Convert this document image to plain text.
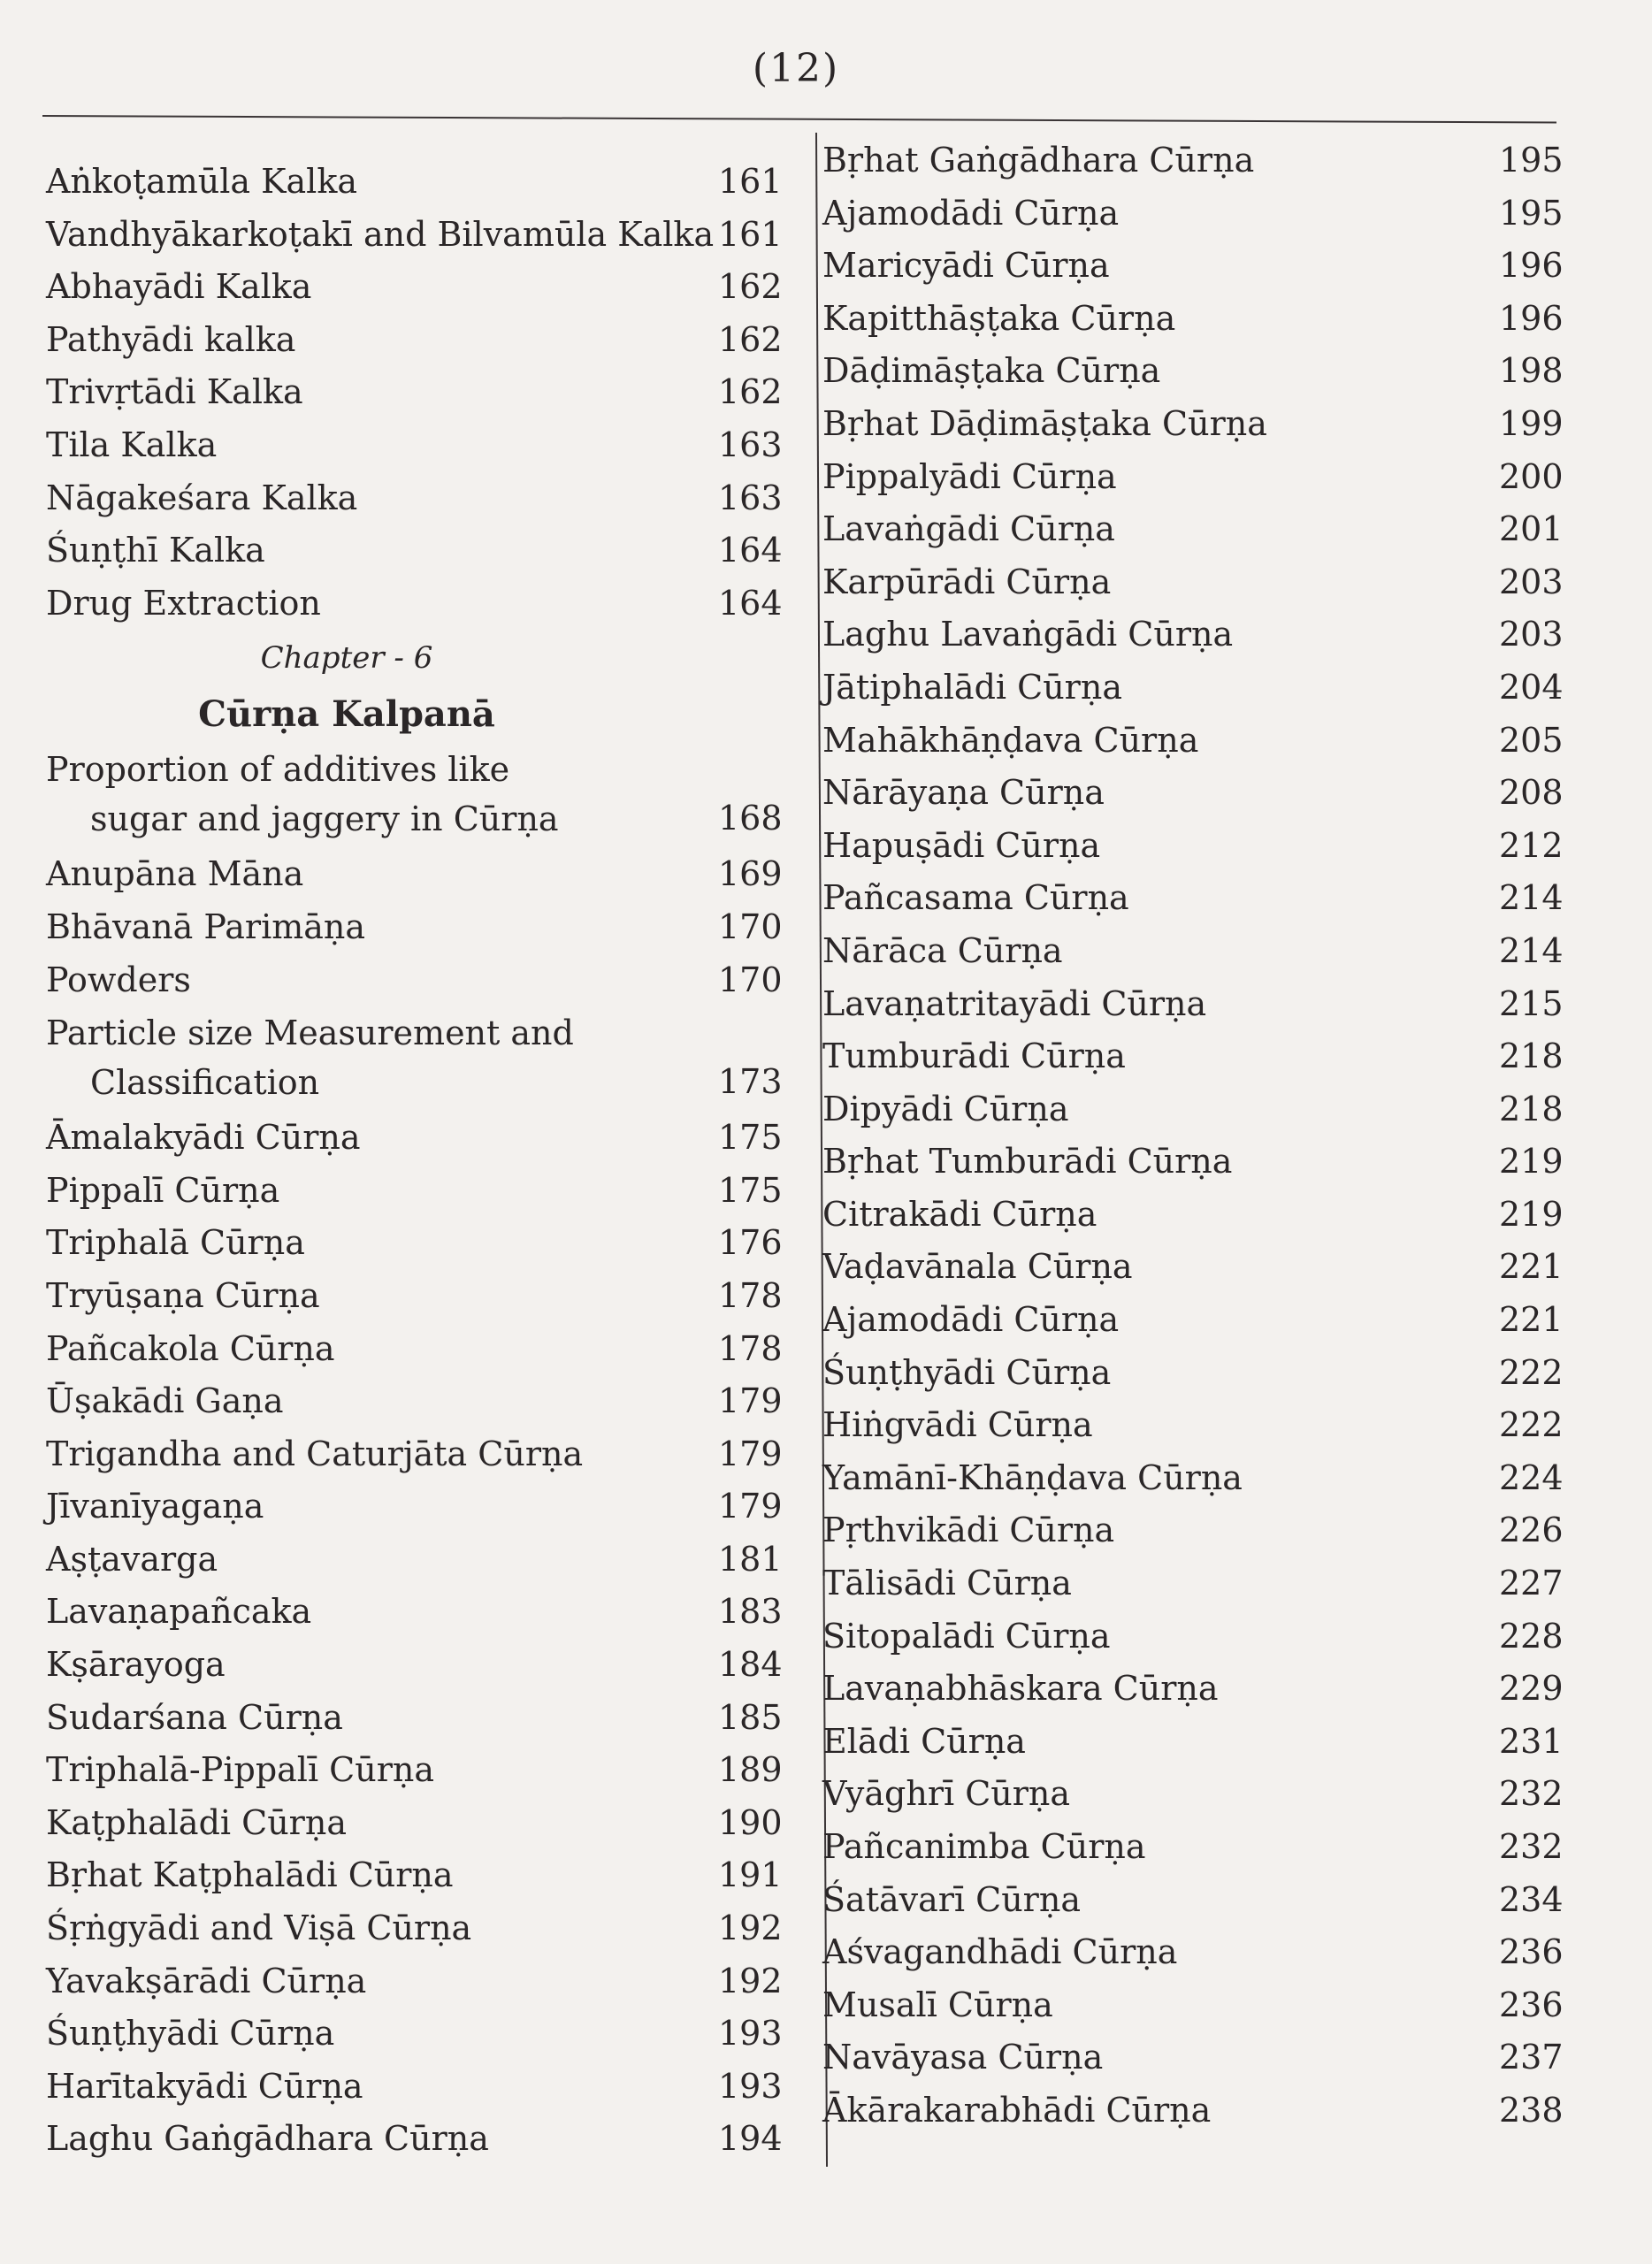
(12)
Aṅkoṭamūla Kalka	161
Vandhyākarkoṭakī and Bilvamūla Kalka 161
Abhayādi Kalka	162
Pathyādi kalka	162
Trivṛtādi Kalka	162
Tila Kalka	163
Nāgakeśara Kalka	163
Śuṇṭhī Kalka	164
Drug Extraction	164
Chapter - 6
Cūrṇa Kalpanā
Proportion of additives like
sugar and jaggery in Cūrṇa	168
Anupāna Māna	169
Bhāvanā Parimāṇa	170
Powders	170
Particle size Measurement and
Classification	173
Āmalakyādi Cūrṇa	175
Pippalī Cūrṇa	175
Triphalā Cūrṇa	176
Tryūṣaṇa Cūrṇa	178
Pañcakola Cūrṇa	178
Ūṣakādi Gaṇa	179
Trigandha and Caturjāta Cūrṇa	179
Jīvanīyagaṇa	179
Aṣṭavarga	181
Lavaṇapañcaka	183
Kṣārayoga	184
Sudarśana Cūrṇa	185
Triphalā-Pippalī Cūrṇa	189
Kaṭphalādi Cūrṇa	190
Bṛhat Kaṭphalādi Cūrṇa	191
Śṛṅgyādi and Viṣā Cūrṇa	192
Yavakṣārādi Cūrṇa	192
Śuṇṭhyādi Cūrṇa	193
Harītakyādi Cūrṇa	193
Laghu Gaṅgādhara Cūrṇa	194
Bṛhat Gaṅgādhara Cūrṇa	195
Ajamodādi Cūrṇa	195
Maricyādi Cūrṇa	196
Kapitthāṣṭaka Cūrṇa	196
Dāḍimāṣṭaka Cūrṇa	198
Bṛhat Dāḍimāṣṭaka Cūrṇa	199
Pippalyādi Cūrṇa	200
Lavaṅgādi Cūrṇa	201
Karpūrādi Cūrṇa	203
Laghu Lavaṅgādi Cūrṇa	203
Jātiphalādi Cūrṇa	204
Mahākhāṇḍava Cūrṇa	205
Nārāyaṇa Cūrṇa	208
Hapuṣādi Cūrṇa	212
Pañcasama Cūrṇa	214
Nārāca Cūrṇa	214
Lavaṇatritayādi Cūrṇa	215
Tumburādi Cūrṇa	218
Dipyādi Cūrṇa	218
Bṛhat Tumburādi Cūrṇa	219
Citrakādi Cūrṇa	219
Vaḍavānala Cūrṇa	221
Ajamodādi Cūrṇa	221
Śuṇṭhyādi Cūrṇa	222
Hiṅgvādi Cūrṇa	222
Yamānī-Khāṇḍava Cūrṇa	224
Pṛthvikādi Cūrṇa	226
Tālisādi Cūrṇa	227
Sitopalādi Cūrṇa	228
Lavaṇabhāskara Cūrṇa	229
Elādi Cūrṇa	231
Vyāghrī Cūrṇa	232
Pañcanimba Cūrṇa	232
Śatāvarī Cūrṇa	234
Aśvagandhādi Cūrṇa	236
Musalī Cūrṇa	236
Navāyasa Cūrṇa	237
Ākārakarabhādi Cūrṇa	238
